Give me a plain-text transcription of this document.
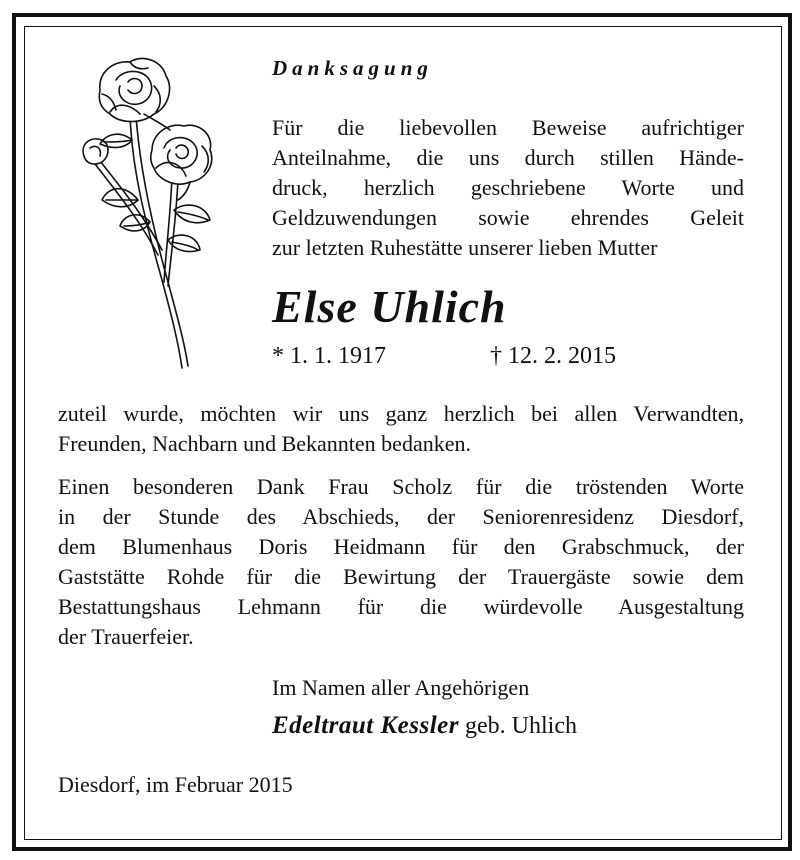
Danksagung
Für die liebevollen Beweise aufrichtiger
Anteilnahme, die uns durch stillen Hände-
druck, herzlich geschriebene Worte und
Geldzuwendungen sowie ehrendes Geleit
zur letzten Ruhestätte unserer lieben Mutter
Else Uhlich
* 1. 1. 1917	† 12. 2. 2015
zuteil wurde, möchten wir uns ganz herzlich bei allen Verwandten,
Freunden, Nachbarn und Bekannten bedanken.
Einen besonderen Dank Frau Scholz für die tröstenden Worte
in der Stunde des Abschieds, der Seniorenresidenz Diesdorf,
dem Blumenhaus Doris Heidmann für den Grabschmuck, der
Gaststätte Rohde für die Bewirtung der Trauergäste sowie dem
Bestattungshaus Lehmann für die würdevolle Ausgestaltung
der Trauerfeier.
Im Namen aller Angehörigen
Edeltraut Kessler geb. Uhlich
Diesdorf, im Februar 2015
